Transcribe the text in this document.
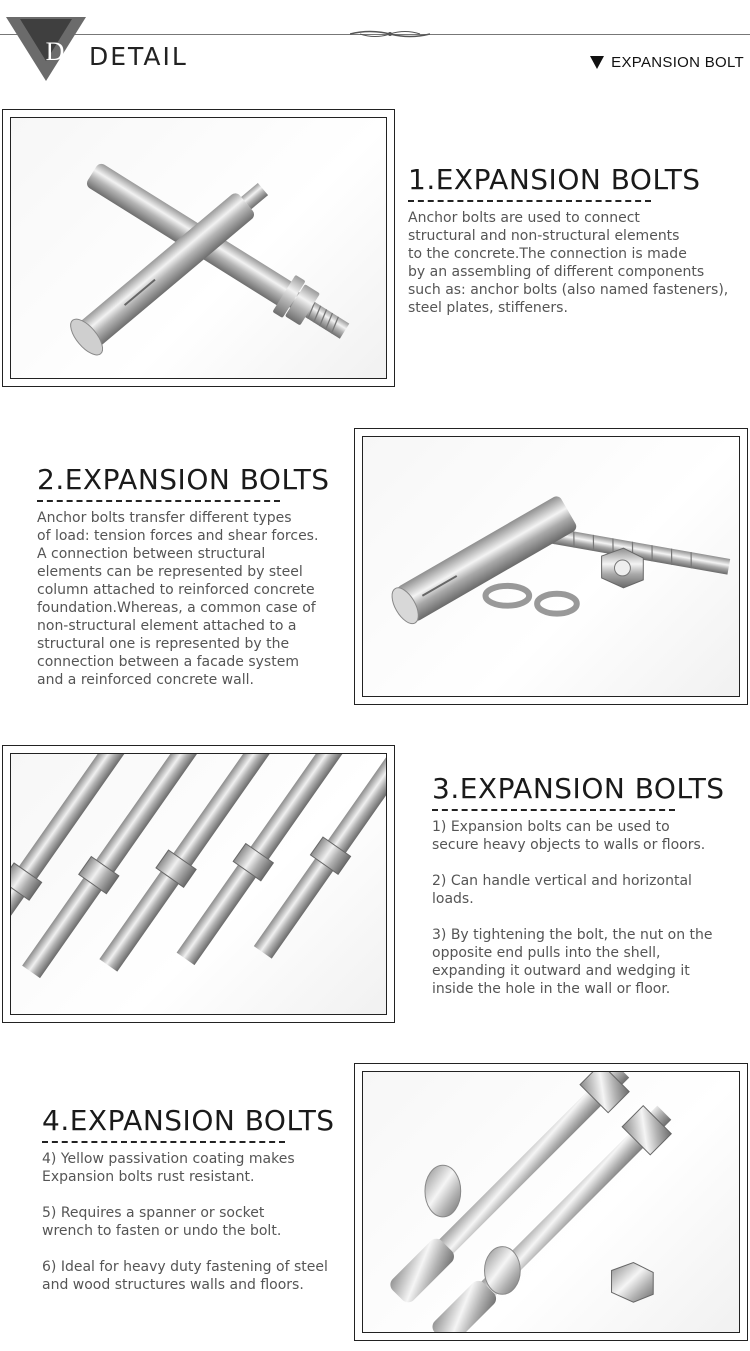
D DETAIL	EXPANSION BOLT
1.EXPANSION BOLTS
Anchor bolts are used to connect
structural and non-structural elements
to the concrete.The connection is made
by an assembling of different components
such as: anchor bolts (also named fasteners),
steel plates, stiffeners.
2.EXPANSION BOLTS
Anchor bolts transfer different types
of load: tension forces and shear forces.
A connection between structural
elements can be represented by steel
column attached to reinforced concrete
foundation.Whereas, a common case of
non-structural element attached to a
structural one is represented by the
connection between a facade system
and a reinforced concrete wall.
3.EXPANSION BOLTS
1) Expansion bolts can be used to
secure heavy objects to walls or floors.

2) Can handle vertical and horizontal
loads.

3) By tightening the bolt, the nut on the
opposite end pulls into the shell,
expanding it outward and wedging it
inside the hole in the wall or floor.
4.EXPANSION BOLTS
4) Yellow passivation coating makes
Expansion bolts rust resistant.

5) Requires a spanner or socket
wrench to fasten or undo the bolt.

6) Ideal for heavy duty fastening of steel
and wood structures walls and floors.
